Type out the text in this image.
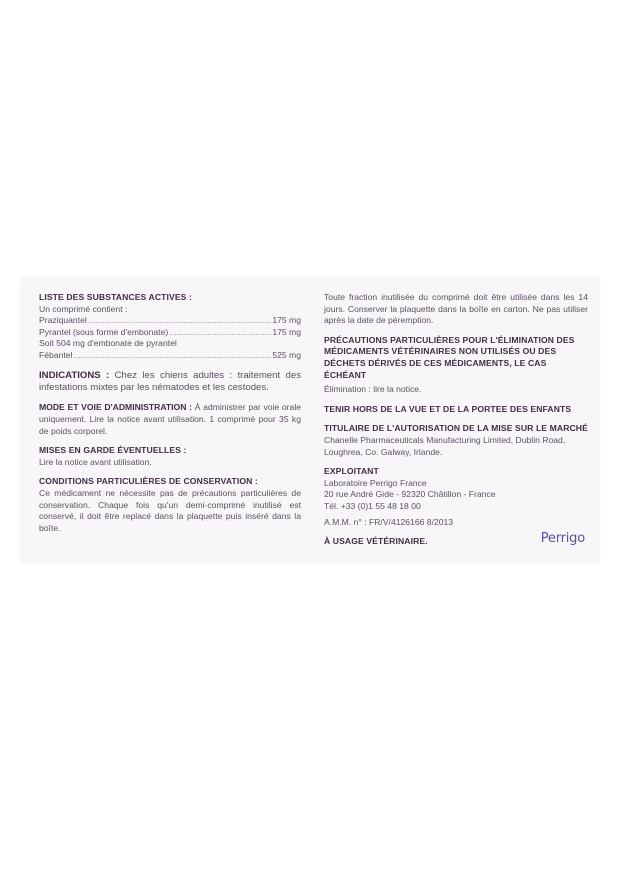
LISTE DES SUBSTANCES ACTIVES :
Un comprimé contient :
Praziquantel .....	175 mg
Pyrantel (sous forme d'embonate) .....	175 mg
Soit 504 mg d'embonate de pyrantel
Fébantel .....	525 mg
INDICATIONS : Chez les chiens adultes : traitement des infestations mixtes par les nématodes et les cestodes.
MODE ET VOIE D'ADMINISTRATION : À administrer par voie orale uniquement. Lire la notice avant utilisation. 1 comprimé pour 35 kg de poids corporel.
MISES EN GARDE ÉVENTUELLES :
Lire la notice avant utilisation.
CONDITIONS PARTICULIÈRES DE CONSERVATION :
Ce médicament ne nécessite pas de précautions particulières de conservation. Chaque fois qu'un demi-comprimé inutilisé est conservé, il doit être replacé dans la plaquette puis inséré dans la boîte.
Toute fraction inutilisée du comprimé doit être utilisée dans les 14 jours. Conserver la plaquette dans la boîte en carton. Ne pas utiliser après la date de péremption.
PRÉCAUTIONS PARTICULIÈRES POUR L'ÉLIMINATION DES MÉDICAMENTS VÉTÉRINAIRES NON UTILISÉS OU DES DÉCHETS DÉRIVÉS DE CES MÉDICAMENTS, LE CAS ÉCHÉANT
Élimination : lire la notice.
TENIR HORS DE LA VUE ET DE LA PORTEE DES ENFANTS
TITULAIRE DE L'AUTORISATION DE LA MISE SUR LE MARCHÉ
Chanelle Pharmaceuticals Manufacturing Limited, Dublin Road, Loughrea, Co. Galway, Irlande.
EXPLOITANT
Laboratoire Perrigo France
20 rue André Gide - 92320 Châtillon - France
Tél. +33 (0)1 55 48 18 00
A.M.M. n° : FR/V/4126166 8/2013
À USAGE VÉTÉRINAIRE.	Perrigo
